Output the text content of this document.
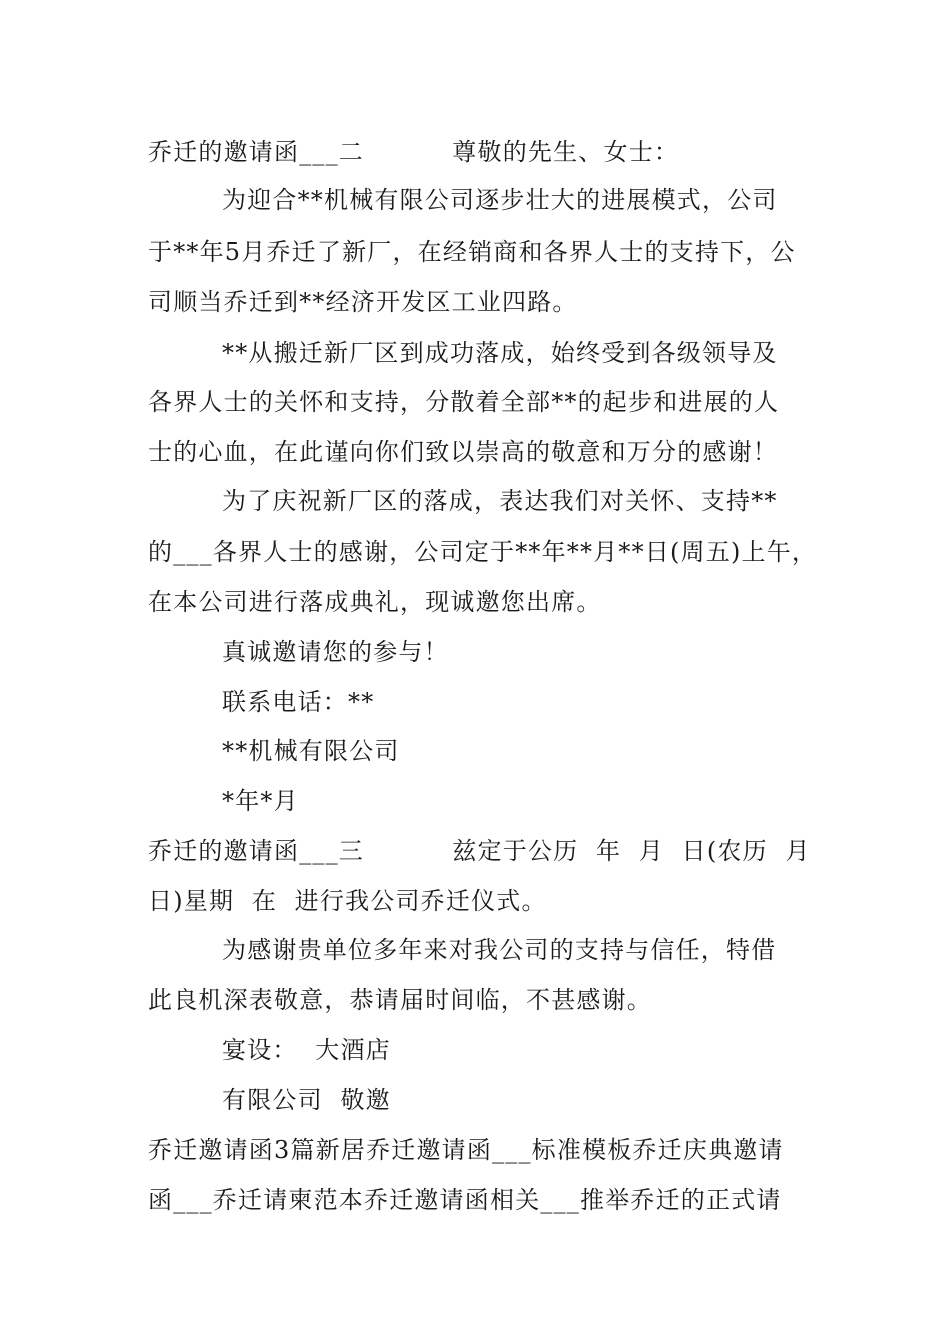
乔迁的邀请函___二          尊敬的先生、女士：
为迎合**机械有限公司逐步壮大的进展模式，公司
于**年5月乔迁了新厂，在经销商和各界人士的支持下，公
司顺当乔迁到**经济开发区工业四路。
**从搬迁新厂区到成功落成，始终受到各级领导及
各界人士的关怀和支持，分散着全部**的起步和进展的人
士的心血，在此谨向你们致以崇高的敬意和万分的感谢！
为了庆祝新厂区的落成，表达我们对关怀、支持**
的___各界人士的感谢，公司定于**年**月**日(周五)上午，
在本公司进行落成典礼，现诚邀您出席。
真诚邀请您的参与！
联系电话：**
**机械有限公司
*年*月
乔迁的邀请函___三          兹定于公历  年  月  日(农历  月
日)星期  在  进行我公司乔迁仪式。
为感谢贵单位多年来对我公司的支持与信任，特借
此良机深表敬意，恭请届时间临，不甚感谢。
宴设：  大酒店
有限公司  敬邀
乔迁邀请函3篇新居乔迁邀请函___标准模板乔迁庆典邀请
函___乔迁请柬范本乔迁邀请函相关___推举乔迁的正式请
